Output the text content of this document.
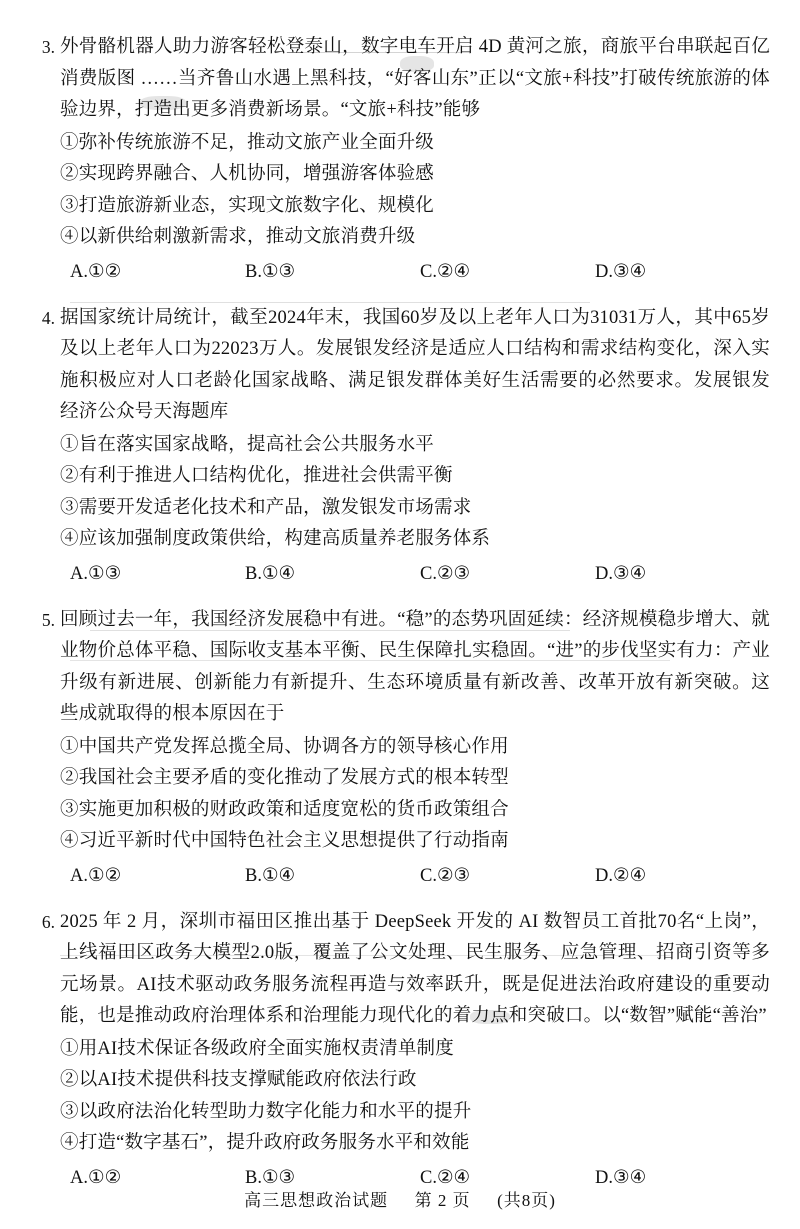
3. 外骨骼机器人助力游客轻松登泰山，数字电车开启 4D 黄河之旅，商旅平台串联起百亿消费版图 ……当齐鲁山水遇上黑科技，“好客山东”正以“文旅+科技”打破传统旅游的体验边界，打造出更多消费新场景。“文旅+科技”能够
①弥补传统旅游不足，推动文旅产业全面升级
②实现跨界融合、人机协同，增强游客体验感
③打造旅游新业态，实现文旅数字化、规模化
④以新供给刺激新需求，推动文旅消费升级
A.①②	B.①③	C.②④	D.③④
4. 据国家统计局统计，截至2024年末，我国60岁及以上老年人口为31031万人，其中65岁及以上老年人口为22023万人。发展银发经济是适应人口结构和需求结构变化，深入实施积极应对人口老龄化国家战略、满足银发群体美好生活需要的必然要求。发展银发经济公众号天海题库
①旨在落实国家战略，提高社会公共服务水平
②有利于推进人口结构优化，推进社会供需平衡
③需要开发适老化技术和产品，激发银发市场需求
④应该加强制度政策供给，构建高质量养老服务体系
A.①③	B.①④	C.②③	D.③④
5. 回顾过去一年，我国经济发展稳中有进。“稳”的态势巩固延续：经济规模稳步增大、就业物价总体平稳、国际收支基本平衡、民生保障扎实稳固。“进”的步伐坚实有力：产业升级有新进展、创新能力有新提升、生态环境质量有新改善、改革开放有新突破。这些成就取得的根本原因在于
①中国共产党发挥总揽全局、协调各方的领导核心作用
②我国社会主要矛盾的变化推动了发展方式的根本转型
③实施更加积极的财政政策和适度宽松的货币政策组合
④习近平新时代中国特色社会主义思想提供了行动指南
A.①②	B.①④	C.②③	D.②④
6. 2025 年 2 月，深圳市福田区推出基于 DeepSeek 开发的 AI 数智员工首批70名“上岗”，上线福田区政务大模型2.0版，覆盖了公文处理、民生服务、应急管理、招商引资等多元场景。AI技术驱动政务服务流程再造与效率跃升，既是促进法治政府建设的重要动能，也是推动政府治理体系和治理能力现代化的着力点和突破口。以“数智”赋能“善治”
①用AI技术保证各级政府全面实施权责清单制度
②以AI技术提供科技支撑赋能政府依法行政
③以政府法治化转型助力数字化能力和水平的提升
④打造“数字基石”，提升政府政务服务水平和效能
A.①②	B.①③	C.②④	D.③④
高三思想政治试题 第 2 页 (共8页)
